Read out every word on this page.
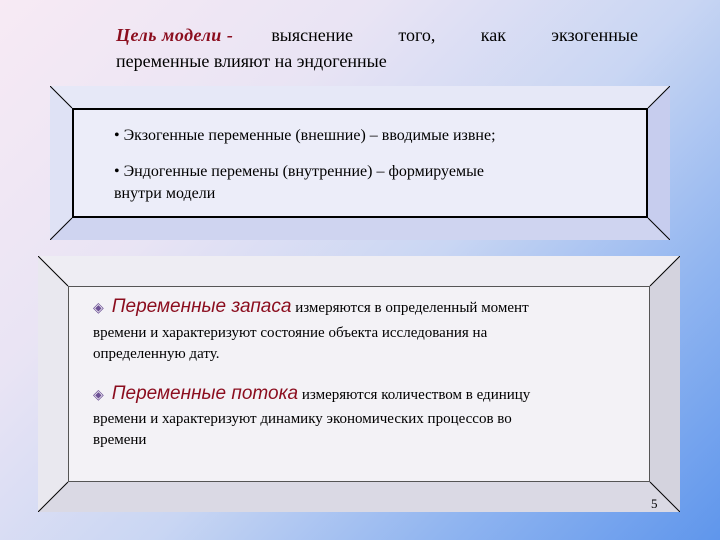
Цель модели - выяснение	того,	как	экзогенные
переменные влияют на эндогенные
• Экзогенные переменные (внешние) – вводимые извне;
• Эндогенные перемены (внутренние) – формируемые
внутри модели
◈ Переменные запаса измеряются в определенный момент
времени и характеризуют состояние объекта исследования на
определенную дату.
◈ Переменные потока измеряются количеством в единицу
времени и характеризуют динамику экономических процессов во
времени
5
